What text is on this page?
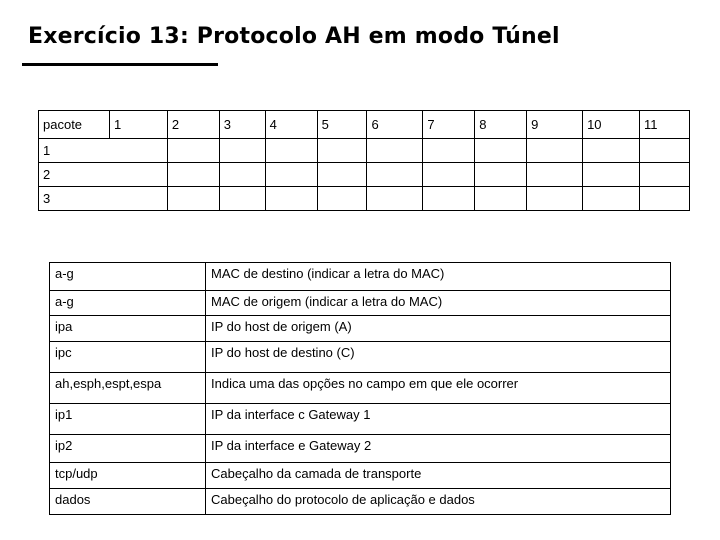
Exercício 13: Protocolo AH em modo Túnel
pacote	1	2	3	4	5	6	7	8	9	10	11
1											
2											
3											
a-g	MAC de destino (indicar a letra do MAC)
a-g	MAC de origem (indicar a letra do MAC)
ipa	IP do host de origem (A)
ipc	IP do host de destino (C)
ah,esph,espt,espa	Indica uma das opções no campo em que ele ocorrer
ip1	IP da interface c Gateway 1
ip2	IP da interface e Gateway 2
tcp/udp	Cabeçalho da camada de transporte
dados	Cabeçalho do protocolo de aplicação e dados
